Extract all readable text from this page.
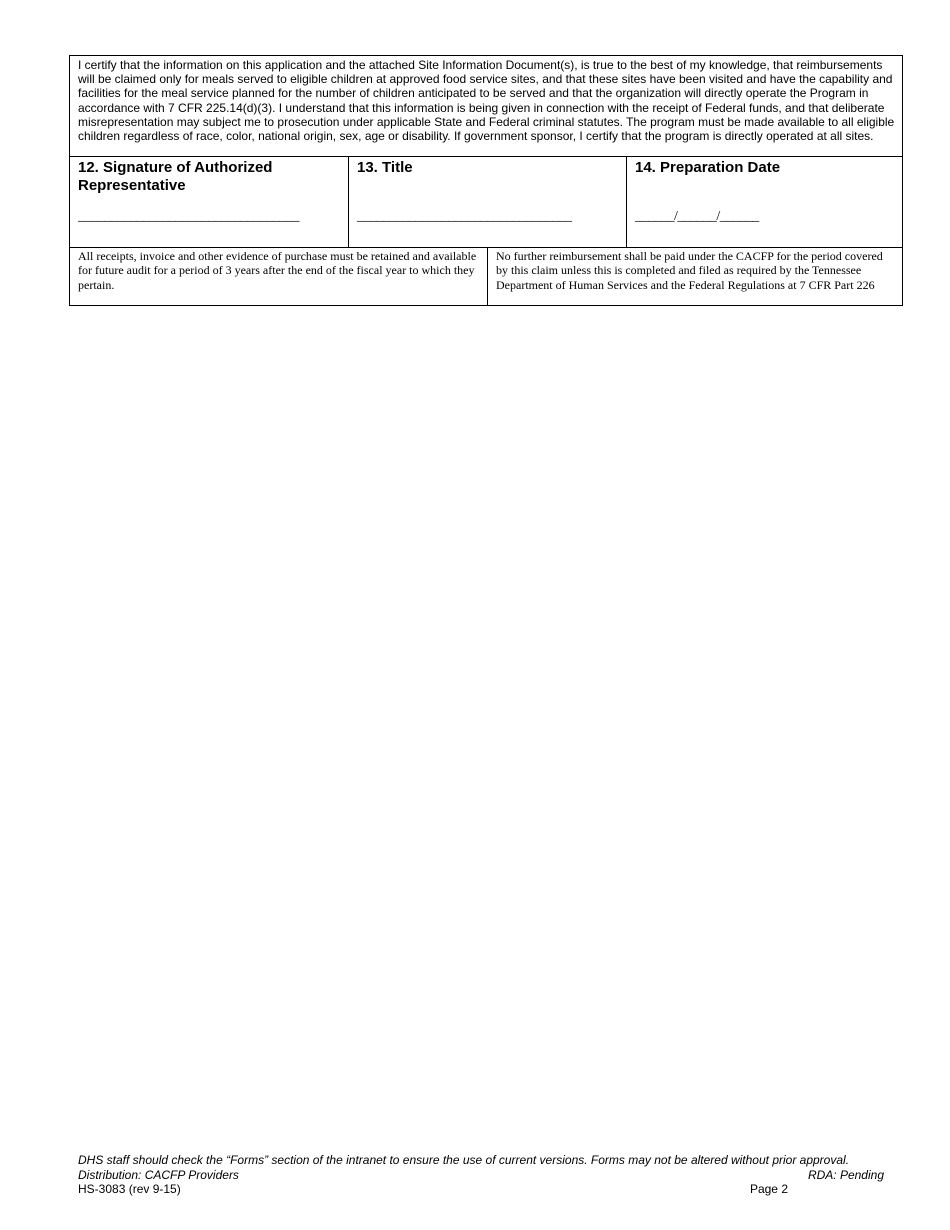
I certify that the information on this application and the attached Site Information Document(s), is true to the best of my knowledge, that reimbursements will be claimed only for meals served to eligible children at approved food service sites, and that these sites have been visited and have the capability and facilities for the meal service planned for the number of children anticipated to be served and that the organization will directly operate the Program in accordance with 7 CFR 225.14(d)(3). I understand that this information is being given in connection with the receipt of Federal funds, and that deliberate misrepresentation may subject me to prosecution under applicable State and Federal criminal statutes. The program must be made available to all eligible children regardless of race, color, national origin, sex, age or disability. If government sponsor, I certify that the program is directly operated at all sites.
12. Signature of Authorized Representative
__________________________________
13. Title
_________________________________
14. Preparation Date
______/______/______
All receipts, invoice and other evidence of purchase must be retained and available for future audit for a period of 3 years after the end of the fiscal year to which they pertain.
No further reimbursement shall be paid under the CACFP for the period covered by this claim unless this is completed and filed as required by the Tennessee Department of Human Services and the Federal Regulations at 7 CFR Part 226
DHS staff should check the “Forms” section of the intranet to ensure the use of current versions. Forms may not be altered without prior approval.
Distribution: CACFP Providers	RDA: Pending
HS-3083 (rev 9-15)	Page 2
